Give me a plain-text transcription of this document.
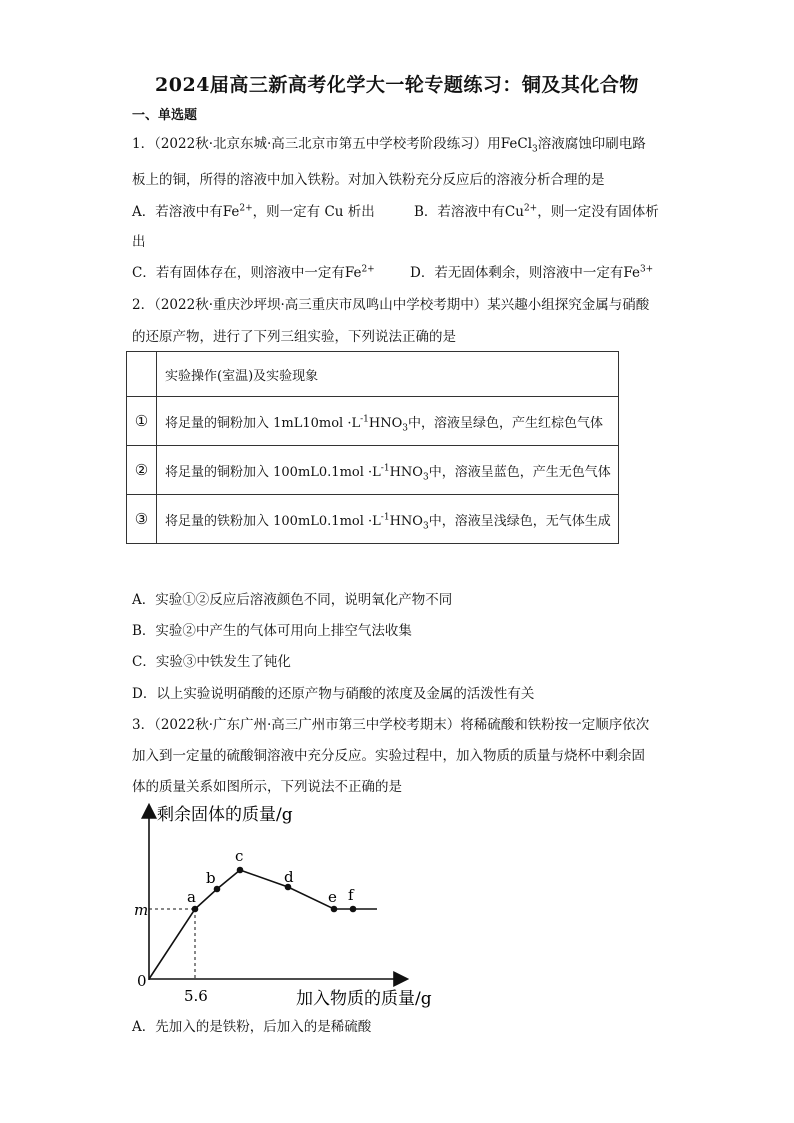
2024届高三新高考化学大一轮专题练习：铜及其化合物
一、单选题
1．（2022秋·北京东城·高三北京市第五中学校考阶段练习）用FeCl$_3$溶液腐蚀印刷电路
板上的铜，所得的溶液中加入铁粉。对加入铁粉充分反应后的溶液分析合理的是
A．若溶液中有$Fe^{2+}$，则一定有 Cu 析出	B．若溶液中有$Cu^{2+}$，则一定没有固体析
出
C．若有固体存在，则溶液中一定有$Fe^{2+}$	D．若无固体剩余，则溶液中一定有$Fe^{3+}$
2．（2022秋·重庆沙坪坝·高三重庆市凤鸣山中学校考期中）某兴趣小组探究金属与硝酸
的还原产物，进行了下列三组实验，下列说法正确的是
	实验操作(室温)及实验现象
①	将足量的铜粉加入 $1mL10mol \cdot L^{-1}HNO_3$中，溶液呈绿色，产生红棕色气体
②	将足量的铜粉加入 $100mL0.1mol \cdot L^{-1}HNO_3$中，溶液呈蓝色，产生无色气体
③	将足量的铁粉加入 $100mL0.1mol \cdot L^{-1}HNO_3$中，溶液呈浅绿色，无气体生成
A．实验①②反应后溶液颜色不同，说明氧化产物不同
B．实验②中产生的气体可用向上排空气法收集
C．实验③中铁发生了钝化
D．以上实验说明硝酸的还原产物与硝酸的浓度及金属的活泼性有关
3．（2022秋·广东广州·高三广州市第三中学校考期末）将稀硫酸和铁粉按一定顺序依次
加入到一定量的硫酸铜溶液中充分反应。实验过程中，加入物质的质量与烧杯中剩余固
体的质量关系如图所示，下列说法不正确的是
剩余固体的质量/g
加入物质的质量/g
0
5.6
m
a
b
c
d
e f
A．先加入的是铁粉，后加入的是稀硫酸
